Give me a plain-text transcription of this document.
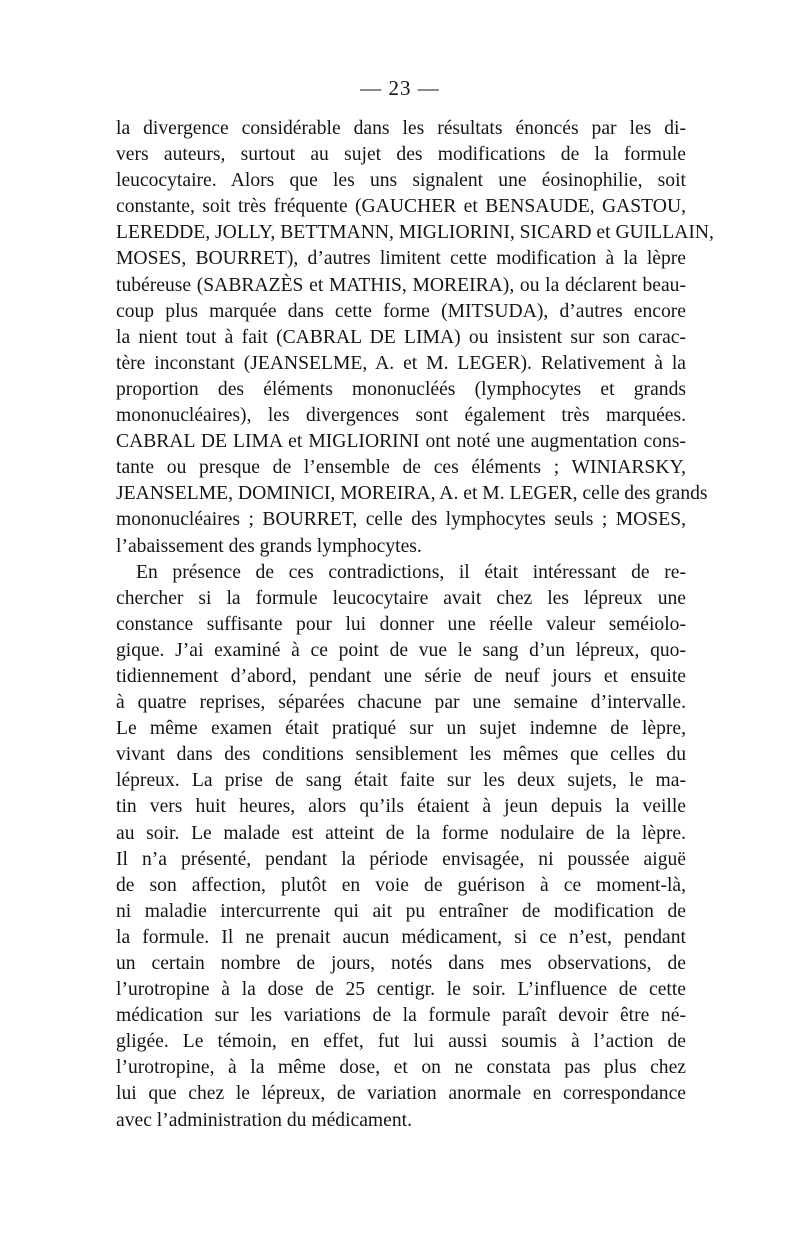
— 23 —
la divergence considérable dans les résultats énoncés par les di-
vers auteurs, surtout au sujet des modifications de la formule
leucocytaire. Alors que les uns signalent une éosinophilie, soit
constante, soit très fréquente (GAUCHER et BENSAUDE, GASTOU,
LEREDDE, JOLLY, BETTMANN, MIGLIORINI, SICARD et GUILLAIN,
MOSES, BOURRET), d’autres limitent cette modification à la lèpre
tubéreuse (SABRAZÈS et MATHIS, MOREIRA), ou la déclarent beau-
coup plus marquée dans cette forme (MITSUDA), d’autres encore
la nient tout à fait (CABRAL DE LIMA) ou insistent sur son carac-
tère inconstant (JEANSELME, A. et M. LEGER). Relativement à la
proportion des éléments mononucléés (lymphocytes et grands
mononucléaires), les divergences sont également très marquées.
CABRAL DE LIMA et MIGLIORINI ont noté une augmentation cons-
tante ou presque de l’ensemble de ces éléments ; WINIARSKY,
JEANSELME, DOMINICI, MOREIRA, A. et M. LEGER, celle des grands
mononucléaires ; BOURRET, celle des lymphocytes seuls ; MOSES,
l’abaissement des grands lymphocytes.
En présence de ces contradictions, il était intéressant de re-
chercher si la formule leucocytaire avait chez les lépreux une
constance suffisante pour lui donner une réelle valeur seméiolo-
gique. J’ai examiné à ce point de vue le sang d’un lépreux, quo-
tidiennement d’abord, pendant une série de neuf jours et ensuite
à quatre reprises, séparées chacune par une semaine d’intervalle.
Le même examen était pratiqué sur un sujet indemne de lèpre,
vivant dans des conditions sensiblement les mêmes que celles du
lépreux. La prise de sang était faite sur les deux sujets, le ma-
tin vers huit heures, alors qu’ils étaient à jeun depuis la veille
au soir. Le malade est atteint de la forme nodulaire de la lèpre.
Il n’a présenté, pendant la période envisagée, ni poussée aiguë
de son affection, plutôt en voie de guérison à ce moment-là,
ni maladie intercurrente qui ait pu entraîner de modification de
la formule. Il ne prenait aucun médicament, si ce n’est, pendant
un certain nombre de jours, notés dans mes observations, de
l’urotropine à la dose de 25 centigr. le soir. L’influence de cette
médication sur les variations de la formule paraît devoir être né-
gligée. Le témoin, en effet, fut lui aussi soumis à l’action de
l’urotropine, à la même dose, et on ne constata pas plus chez
lui que chez le lépreux, de variation anormale en correspondance
avec l’administration du médicament.
